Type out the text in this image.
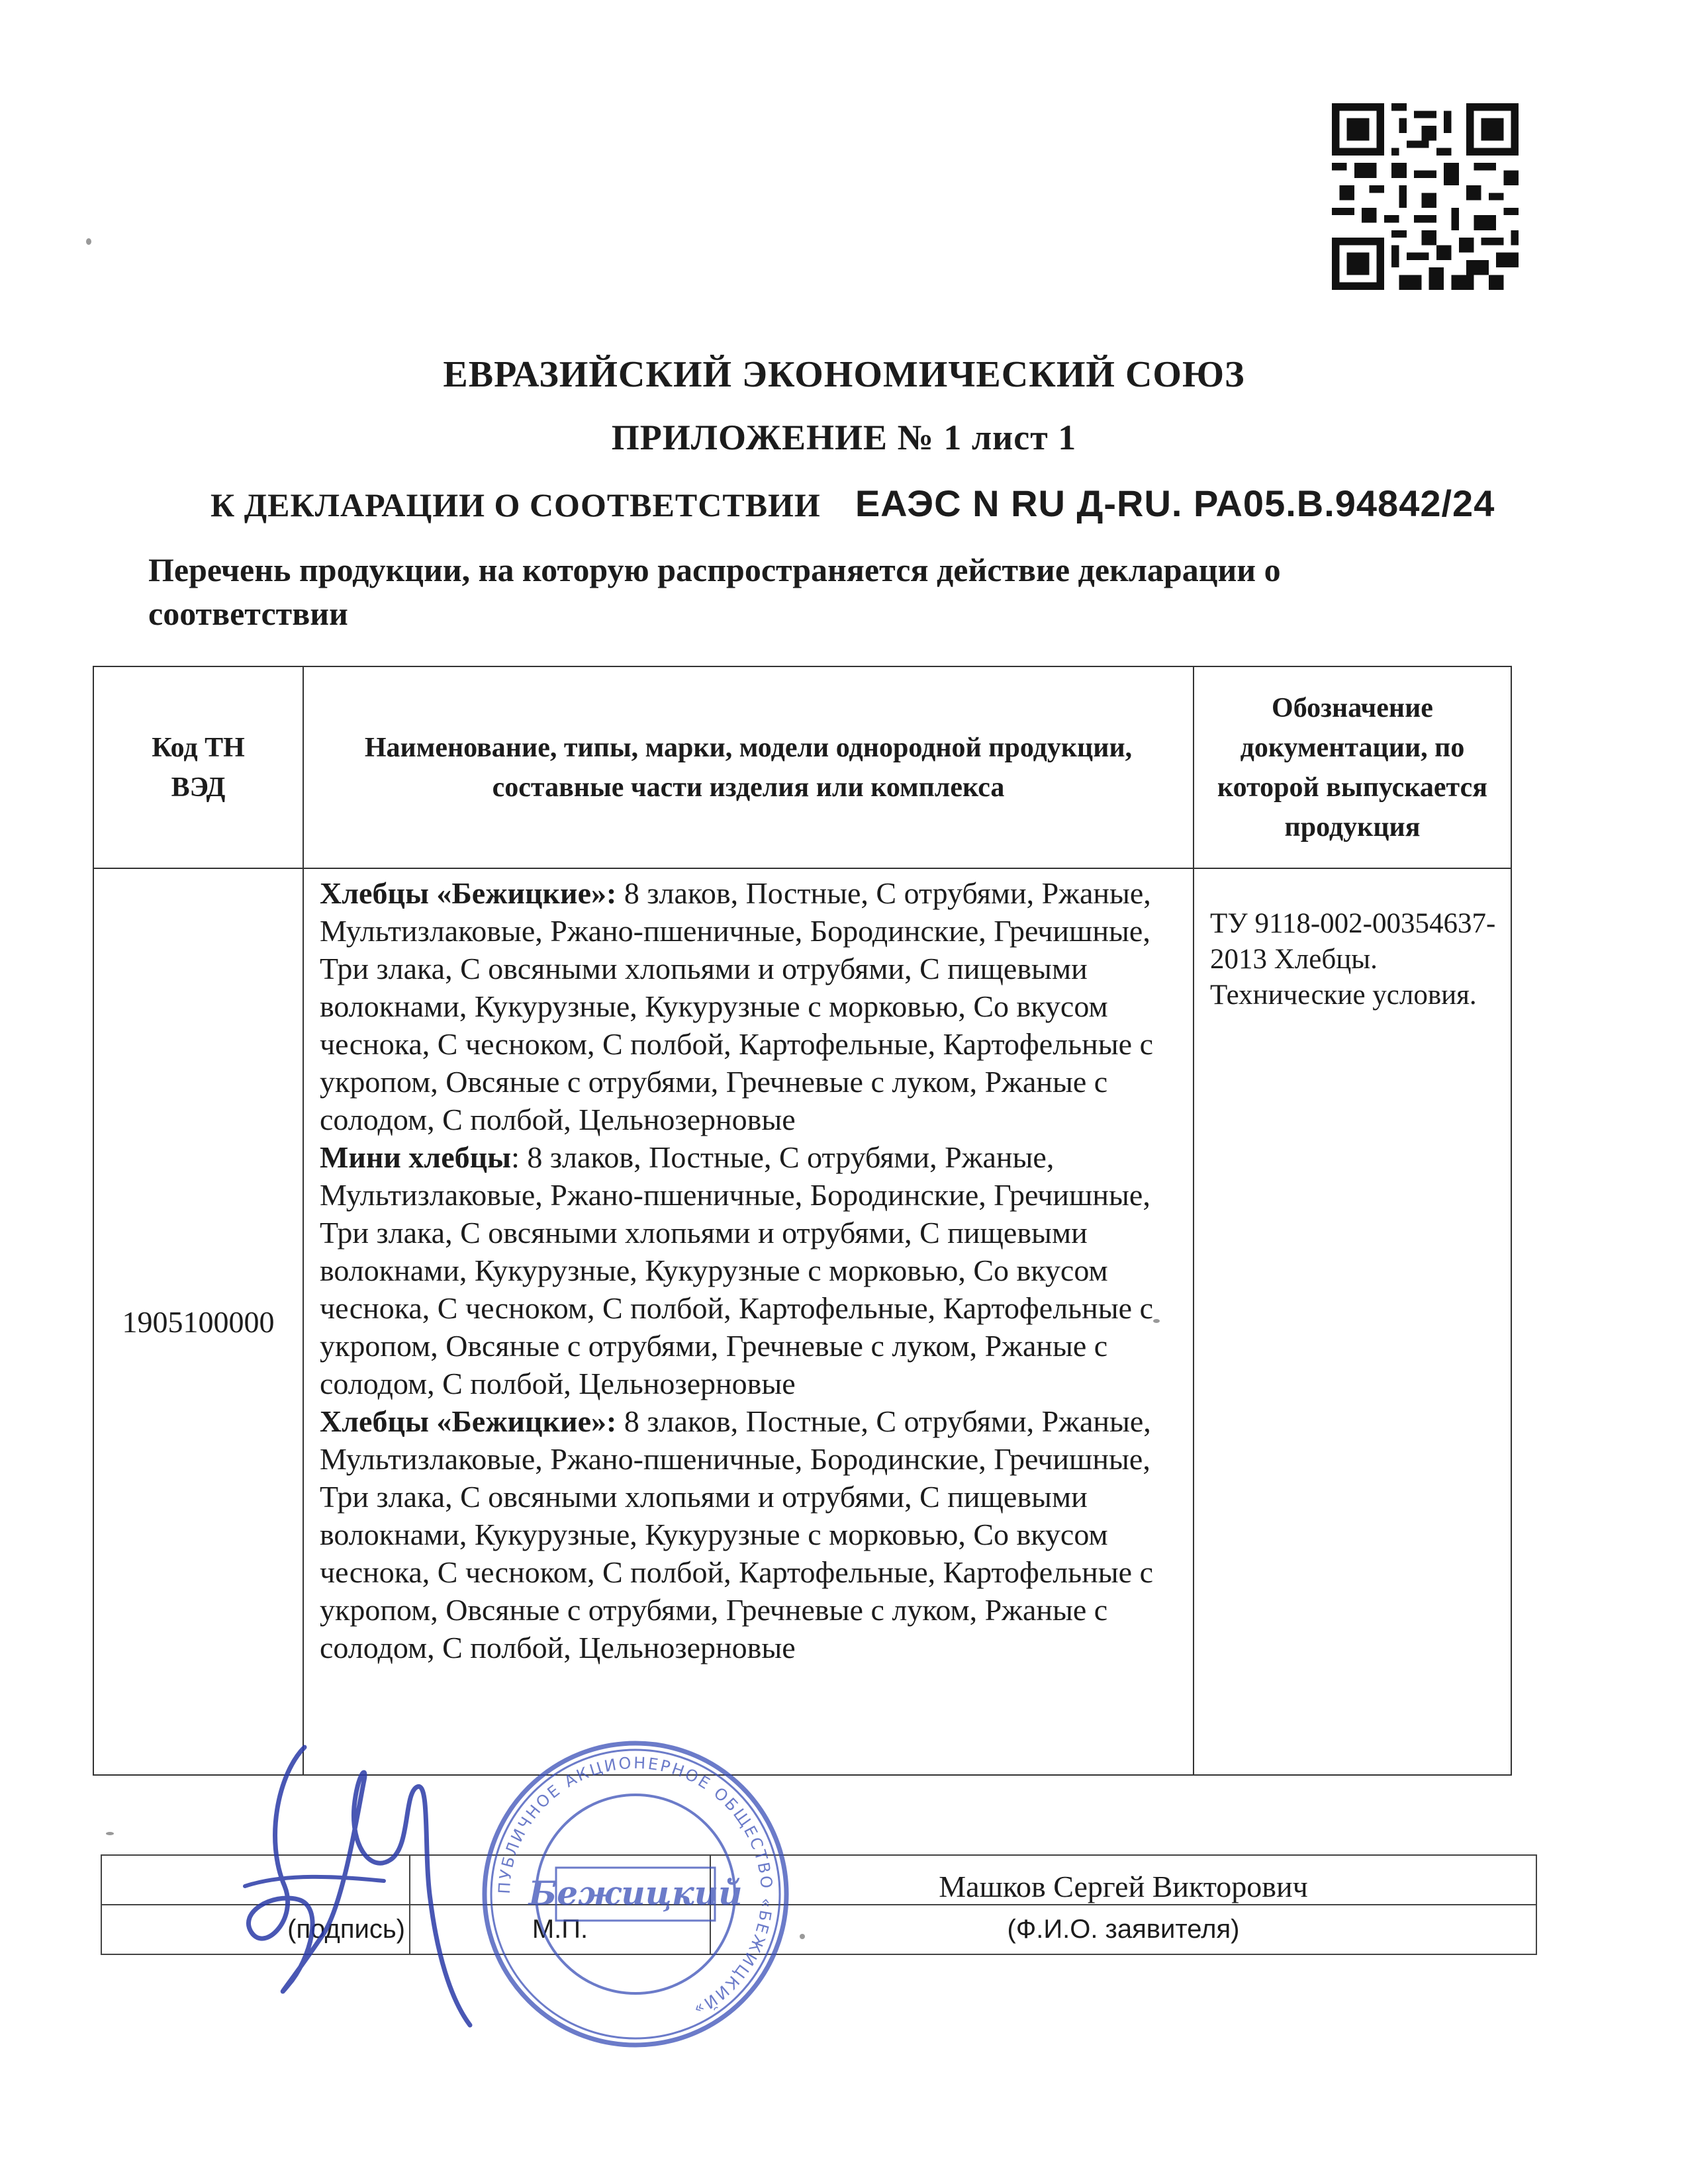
ЕВРАЗИЙСКИЙ ЭКОНОМИЧЕСКИЙ СОЮЗ
ПРИЛОЖЕНИЕ № 1 лист 1
К ДЕКЛАРАЦИИ О СООТВЕТСТВИИ ЕАЭС N RU Д-RU. РА05.В.94842/24
Перечень продукции, на которую распространяется действие декларации о соответствии
Код ТН ВЭД	Наименование, типы, марки, модели однородной продукции, составные части изделия или комплекса	Обозначение документации, по которой выпускается продукция

1905100000	Хлебцы «Бежицкие»: 8 злаков, Постные, С отрубями, Ржаные, Мультизлаковые, Ржано-пшеничные, Бородинские, Гречишные, Три злака, С овсяными хлопьями и отрубями, С пищевыми волокнами, Кукурузные, Кукурузные с морковью, Со вкусом чеснока, С чесноком, С полбой, Картофельные, Картофельные с укропом, Овсяные с отрубями, Гречневые с луком, Ржаные с солодом, С полбой, Цельнозерновые
Мини хлебцы: 8 злаков, Постные, С отрубями, Ржаные, Мультизлаковые, Ржано-пшеничные, Бородинские, Гречишные, Три злака, С овсяными хлопьями и отрубями, С пищевыми волокнами, Кукурузные, Кукурузные с морковью, Со вкусом чеснока, С чесноком, С полбой, Картофельные, Картофельные с укропом, Овсяные с отрубями, Гречневые с луком, Ржаные с солодом, С полбой, Цельнозерновые
Хлебцы «Бежицкие»: 8 злаков, Постные, С отрубями, Ржаные, Мультизлаковые, Ржано-пшеничные, Бородинские, Гречишные, Три злака, С овсяными хлопьями и отрубями, С пищевыми волокнами, Кукурузные, Кукурузные с морковью, Со вкусом чеснока, С чесноком, С полбой, Картофельные, Картофельные с укропом, Овсяные с отрубями, Гречневые с луком, Ржаные с солодом, С полбой, Цельнозерновые	ТУ 9118-002-00354637-2013 Хлебцы. Технические условия.
		Машков Сергей Викторович
(подпись)	М.П.	(Ф.И.О. заявителя)
ПУБЛИЧНОЕ АКЦИОНЕРНОЕ ОБЩЕСТВО «БЕЖИЦКИЙ»
Бежицкий
